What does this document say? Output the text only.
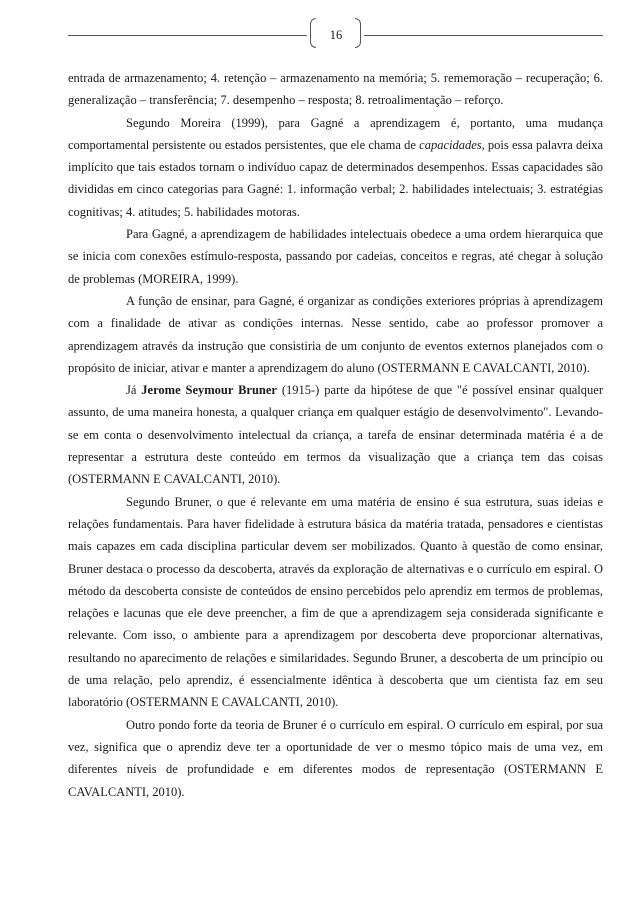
16

entrada de armazenamento; 4. retenção – armazenamento na memória; 5. rememoração – recuperação; 6. generalização – transferência; 7. desempenho – resposta; 8. retroalimentação – reforço.

Segundo Moreira (1999), para Gagné a aprendizagem é, portanto, uma mudança comportamental persistente ou estados persistentes, que ele chama de capacidades, pois essa palavra deixa implícito que tais estados tornam o indivíduo capaz de determinados desempenhos. Essas capacidades são divididas em cinco categorias para Gagné: 1. informação verbal; 2. habilidades intelectuais; 3. estratégias cognitivas; 4. atitudes; 5. habilidades motoras.

Para Gagné, a aprendizagem de habilidades intelectuais obedece a uma ordem hierarquica que se inicia com conexões estímulo-resposta, passando por cadeias, conceitos e regras, até chegar à solução de problemas (MOREIRA, 1999).

A função de ensinar, para Gagné, é organizar as condições exteriores próprias à aprendizagem com a finalidade de ativar as condições internas. Nesse sentido, cabe ao professor promover a aprendizagem através da instrução que consistiria de um conjunto de eventos externos planejados com o propósito de iniciar, ativar e manter a aprendizagem do aluno (OSTERMANN E CAVALCANTI, 2010).

Já Jerome Seymour Bruner (1915-) parte da hipótese de que "é possível ensinar qualquer assunto, de uma maneira honesta, a qualquer criança em qualquer estágio de desenvolvimento". Levando-se em conta o desenvolvimento intelectual da criança, a tarefa de ensinar determinada matéria é a de representar a estrutura deste conteúdo em termos da visualização que a criança tem das coisas (OSTERMANN E CAVALCANTI, 2010).

Segundo Bruner, o que é relevante em uma matéria de ensino é sua estrutura, suas ideias e relações fundamentais. Para haver fidelidade à estrutura básica da matéria tratada, pensadores e cientistas mais capazes em cada disciplina particular devem ser mobilizados. Quanto à questão de como ensinar, Bruner destaca o processo da descoberta, através da exploração de alternativas e o currículo em espiral. O método da descoberta consiste de conteúdos de ensino percebidos pelo aprendiz em termos de problemas, relações e lacunas que ele deve preencher, a fim de que a aprendizagem seja considerada significante e relevante. Com isso, o ambiente para a aprendizagem por descoberta deve proporcionar alternativas, resultando no aparecimento de relações e similaridades. Segundo Bruner, a descoberta de um princípio ou de uma relação, pelo aprendiz, é essencialmente idêntica à descoberta que um cientista faz em seu laboratório (OSTERMANN E CAVALCANTI, 2010).

Outro pondo forte da teoria de Bruner é o currículo em espiral. O currículo em espiral, por sua vez, significa que o aprendiz deve ter a oportunidade de ver o mesmo tópico mais de uma vez, em diferentes níveis de profundidade e em diferentes modos de representação (OSTERMANN E CAVALCANTI, 2010).
